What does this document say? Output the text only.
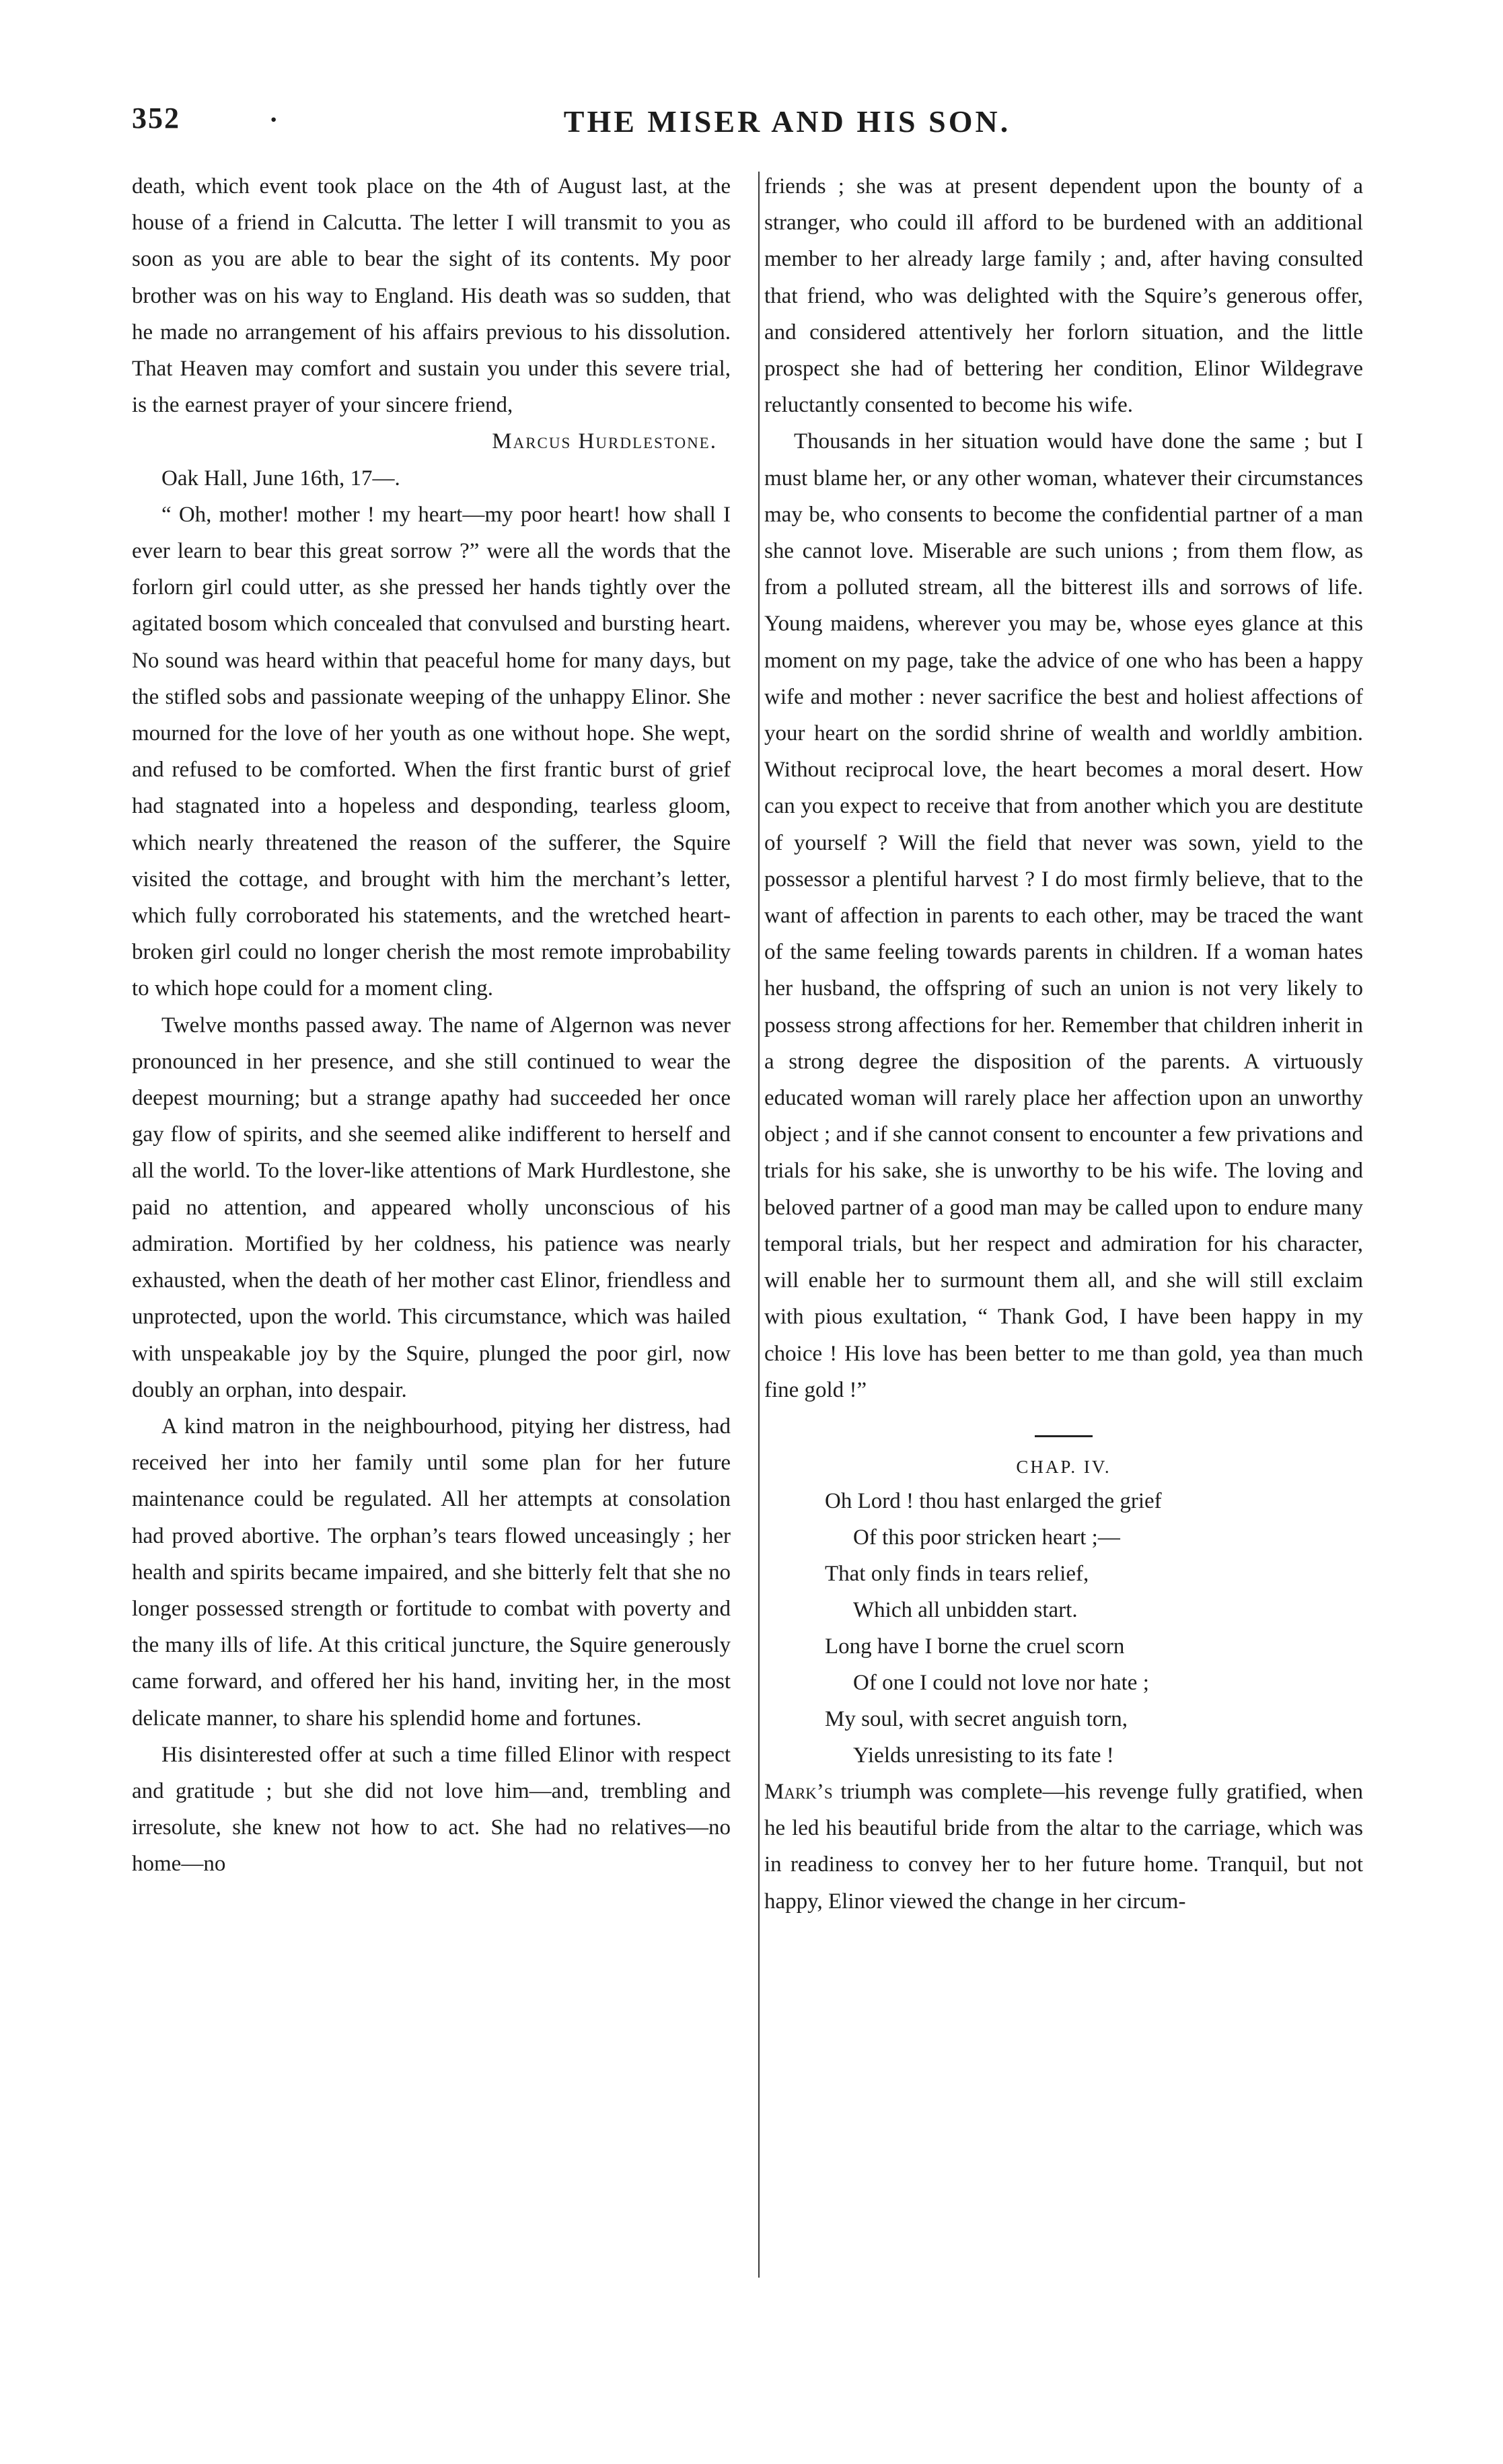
352	·	THE MISER AND HIS SON.

death, which event took place on the 4th of August last, at the house of a friend in Calcutta. The letter I will transmit to you as soon as you are able to bear the sight of its contents. My poor brother was on his way to England. His death was so sudden, that he made no arrangement of his affairs previous to his dissolution. That Heaven may comfort and sustain you under this severe trial, is the earnest prayer of your sincere friend,

Marcus Hurdlestone.

Oak Hall, June 16th, 17—.

“ Oh, mother! mother ! my heart—my poor heart! how shall I ever learn to bear this great sorrow ?” were all the words that the forlorn girl could utter, as she pressed her hands tightly over the agitated bosom which concealed that convulsed and bursting heart. No sound was heard within that peaceful home for many days, but the stifled sobs and passionate weeping of the unhappy Elinor. She mourned for the love of her youth as one without hope. She wept, and refused to be comforted. When the first frantic burst of grief had stagnated into a hopeless and desponding, tearless gloom, which nearly threatened the reason of the sufferer, the Squire visited the cottage, and brought with him the merchant’s letter, which fully corroborated his statements, and the wretched heart-broken girl could no longer cherish the most remote improbability to which hope could for a moment cling.

Twelve months passed away. The name of Algernon was never pronounced in her presence, and she still continued to wear the deepest mourning; but a strange apathy had succeeded her once gay flow of spirits, and she seemed alike indifferent to herself and all the world. To the lover-like attentions of Mark Hurdlestone, she paid no attention, and appeared wholly unconscious of his admiration. Mortified by her coldness, his patience was nearly exhausted, when the death of her mother cast Elinor, friendless and unprotected, upon the world. This circumstance, which was hailed with unspeakable joy by the Squire, plunged the poor girl, now doubly an orphan, into despair.

A kind matron in the neighbourhood, pitying her distress, had received her into her family until some plan for her future maintenance could be regulated. All her attempts at consolation had proved abortive. The orphan’s tears flowed unceasingly ; her health and spirits became impaired, and she bitterly felt that she no longer possessed strength or fortitude to combat with poverty and the many ills of life. At this critical juncture, the Squire generously came forward, and offered her his hand, inviting her, in the most delicate manner, to share his splendid home and fortunes.

His disinterested offer at such a time filled Elinor with respect and gratitude ; but she did not love him—and, trembling and irresolute, she knew not how to act. She had no relatives—no home—no

friends ; she was at present dependent upon the bounty of a stranger, who could ill afford to be burdened with an additional member to her already large family ; and, after having consulted that friend, who was delighted with the Squire’s generous offer, and considered attentively her forlorn situation, and the little prospect she had of bettering her condition, Elinor Wildegrave reluctantly consented to become his wife.

Thousands in her situation would have done the same ; but I must blame her, or any other woman, whatever their circumstances may be, who consents to become the confidential partner of a man she cannot love. Miserable are such unions ; from them flow, as from a polluted stream, all the bitterest ills and sorrows of life. Young maidens, wherever you may be, whose eyes glance at this moment on my page, take the advice of one who has been a happy wife and mother : never sacrifice the best and holiest affections of your heart on the sordid shrine of wealth and worldly ambition. Without reciprocal love, the heart becomes a moral desert. How can you expect to receive that from another which you are destitute of yourself ? Will the field that never was sown, yield to the possessor a plentiful harvest ? I do most firmly believe, that to the want of affection in parents to each other, may be traced the want of the same feeling towards parents in children. If a woman hates her husband, the offspring of such an union is not very likely to possess strong affections for her. Remember that children inherit in a strong degree the disposition of the parents. A virtuously educated woman will rarely place her affection upon an unworthy object ; and if she cannot consent to encounter a few privations and trials for his sake, she is unworthy to be his wife. The loving and beloved partner of a good man may be called upon to endure many temporal trials, but her respect and admiration for his character, will enable her to surmount them all, and she will still exclaim with pious exultation, “ Thank God, I have been happy in my choice ! His love has been better to me than gold, yea than much fine gold !”

CHAP. IV.

Oh Lord ! thou hast enlarged the grief
Of this poor stricken heart ;—
That only finds in tears relief,
Which all unbidden start.
Long have I borne the cruel scorn
Of one I could not love nor hate ;
My soul, with secret anguish torn,
Yields unresisting to its fate !

Mark’s triumph was complete—his revenge fully gratified, when he led his beautiful bride from the altar to the carriage, which was in readiness to convey her to her future home. Tranquil, but not happy, Elinor viewed the change in her circum-
